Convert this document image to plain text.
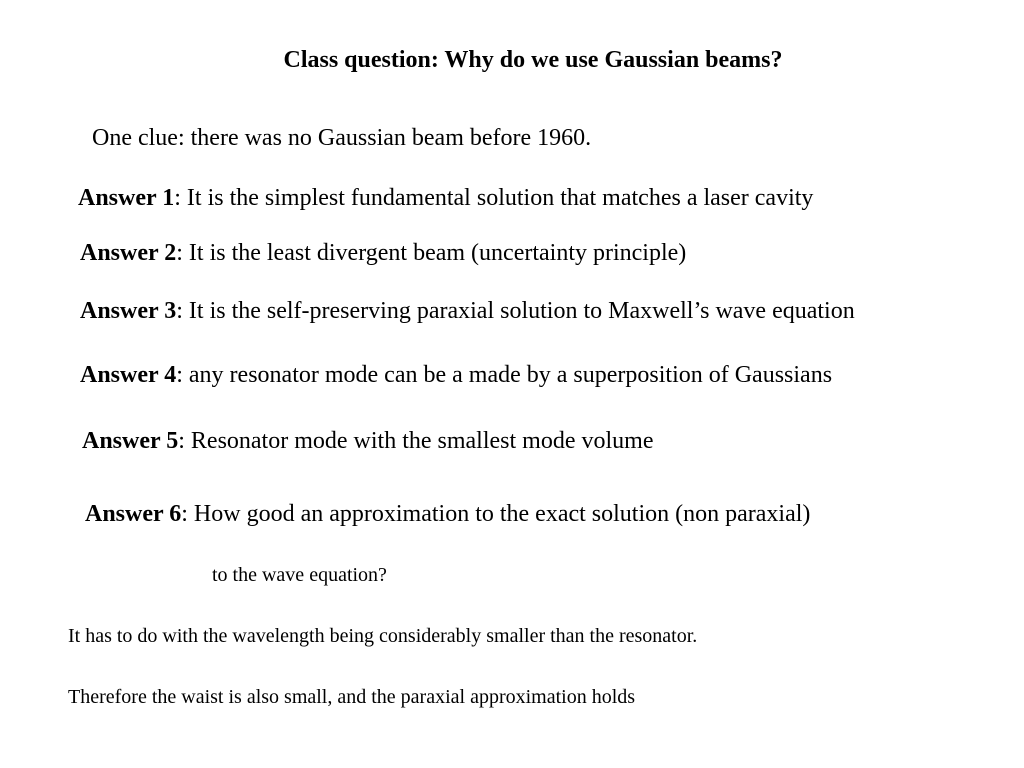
Class question: Why do we use Gaussian beams?
One clue: there was no Gaussian beam before 1960.
Answer 1: It is the simplest fundamental solution that matches a laser cavity
Answer 2: It is the least divergent beam (uncertainty principle)
Answer 3: It is the self-preserving paraxial solution to Maxwell’s wave equation
Answer 4: any resonator mode can be a made by a superposition of Gaussians
Answer 5: Resonator mode with the smallest mode volume
Answer 6: How good an approximation to the exact solution (non paraxial)
to the wave equation?
It has to do with the wavelength being considerably smaller than the resonator.
Therefore the waist is also small, and the paraxial approximation holds
